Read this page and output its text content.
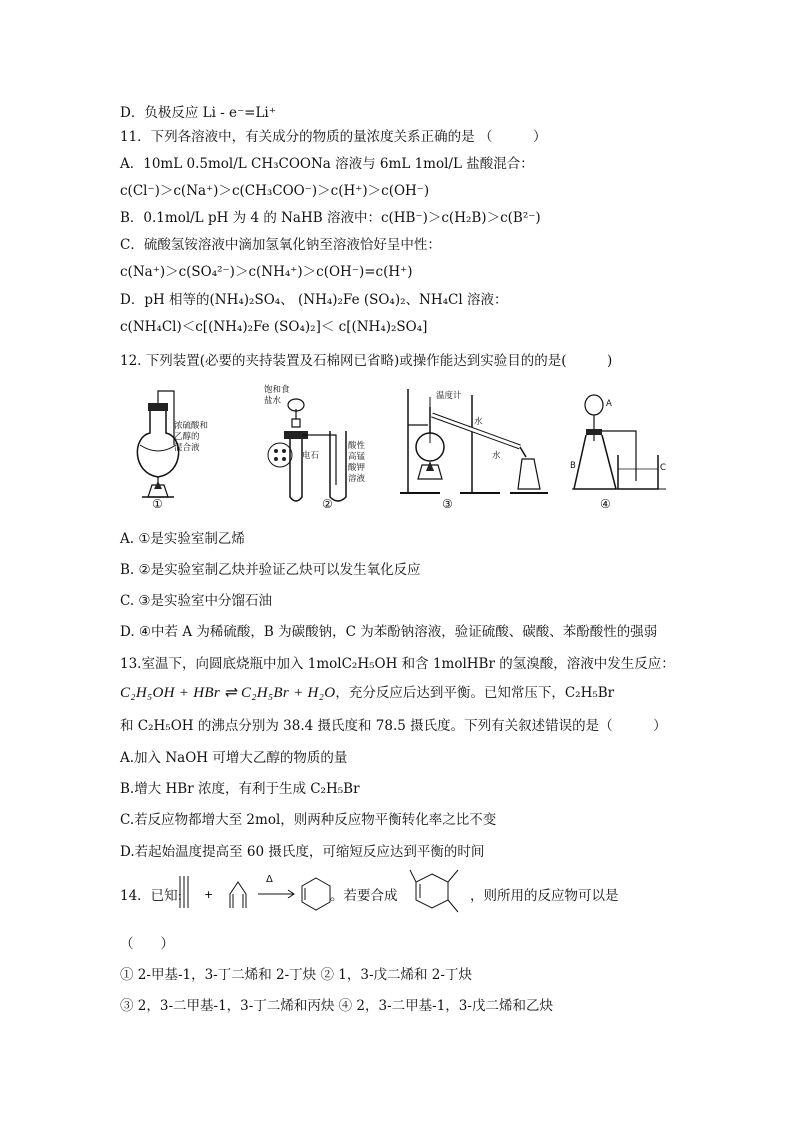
D．负极反应 Li - e⁻=Li⁺
11．下列各溶液中，有关成分的物质的量浓度关系正确的是 （　　　）
A．10mL 0.5mol/L CH₃COONa 溶液与 6mL 1mol/L 盐酸混合：
c(Cl⁻)＞c(Na⁺)＞c(CH₃COO⁻)＞c(H⁺)＞c(OH⁻)
B．0.1mol/L pH 为 4 的 NaHB 溶液中：c(HB⁻)＞c(H₂B)＞c(B²⁻)
C．硫酸氢铵溶液中滴加氢氧化钠至溶液恰好呈中性：
c(Na⁺)＞c(SO₄²⁻)＞c(NH₄⁺)＞c(OH⁻)=c(H⁺)
D．pH 相等的(NH₄)₂SO₄、 (NH₄)₂Fe (SO₄)₂、NH₄Cl 溶液：
c(NH₄Cl)＜c[(NH₄)₂Fe (SO₄)₂]＜ c[(NH₄)₂SO₄]
12. 下列装置(必要的夹持装置及石棉网已省略)或操作能达到实验目的的是(　　　)
浓硫酸和
乙醇的
混合液
①
饱和食
盐水
电石
酸性
高锰
酸钾
溶液
②
温度计
水
水
③
A
B	C
④
A. ①是实验室制乙烯
B. ②是实验室制乙炔并验证乙炔可以发生氧化反应
C. ③是实验室中分馏石油
D. ④中若 A 为稀硫酸，B 为碳酸钠，C 为苯酚钠溶液，验证硫酸、碳酸、苯酚酸性的强弱
13.室温下，向圆底烧瓶中加入 1molC₂H₅OH 和含 1molHBr 的氢溴酸，溶液中发生反应：
C₂H₅OH + HBr ⇌ C₂H₅Br + H₂O，充分反应后达到平衡。已知常压下，C₂H₅Br
和 C₂H₅OH 的沸点分别为 38.4 摄氏度和 78.5 摄氏度。下列有关叙述错误的是（　　　）
A.加入 NaOH 可增大乙醇的物质的量
B.增大 HBr 浓度，有利于生成 C₂H₅Br
C.若反应物都增大至 2mol，则两种反应物平衡转化率之比不变
D.若起始温度提高至 60 摄氏度，可缩短反应达到平衡的时间
14．已知: +
Δ
。若要合成	，则所用的反应物可以是
（　　）
① 2-甲基-1，3-丁二烯和 2-丁炔 ② 1，3-戊二烯和 2-丁炔
③ 2，3-二甲基-1，3-丁二烯和丙炔 ④ 2，3-二甲基-1，3-戊二烯和乙炔
